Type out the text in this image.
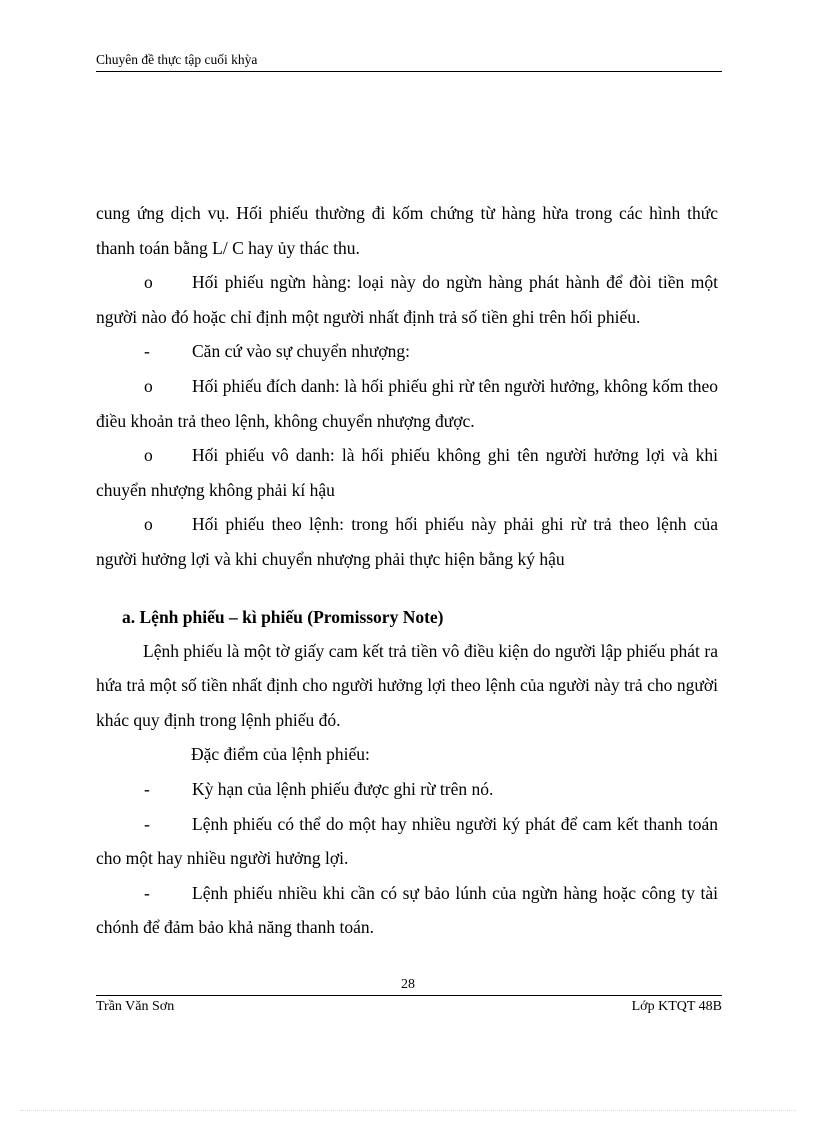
Chuyên đề thực tập cuối khỳa

cung ứng dịch vụ. Hối phiếu thường đi kốm chứng từ hàng hừa trong các hình thức thanh toán bằng L/ C hay ủy thác thu.

o Hối phiếu ngừn hàng: loại này do ngừn hàng phát hành để đòi tiền một người nào đó hoặc chỉ định một người nhất định trả số tiền ghi trên hối phiếu.

- Căn cứ vào sự chuyển nhượng:

o Hối phiếu đích danh: là hối phiếu ghi rừ tên người hưởng, không kốm theo điều khoản trả theo lệnh, không chuyển nhượng được.

o Hối phiếu vô danh: là hối phiếu không ghi tên người hưởng lợi và khi chuyển nhượng không phải kí hậu

o Hối phiếu theo lệnh: trong hối phiếu này phải ghi rừ trả theo lệnh của người hưởng lợi và khi chuyển nhượng phải thực hiện bằng ký hậu

a. Lệnh phiếu – kì phiếu (Promissory Note)

Lệnh phiếu là một tờ giấy cam kết trả tiền vô điều kiện do người lập phiếu phát ra hứa trả một số tiền nhất định cho người hưởng lợi theo lệnh của người này trả cho người khác quy định trong lệnh phiếu đó.

Đặc điểm của lệnh phiếu:

- Kỳ hạn của lệnh phiếu được ghi rừ trên nó.

- Lệnh phiếu có thể do một hay nhiều người ký phát để cam kết thanh toán cho một hay nhiều người hưởng lợi.

- Lệnh phiếu nhiều khi cần có sự bảo lúnh của ngừn hàng hoặc công ty tài chónh để đảm bảo khả năng thanh toán.

28
Trần Văn Sơn	Lớp KTQT 48B
